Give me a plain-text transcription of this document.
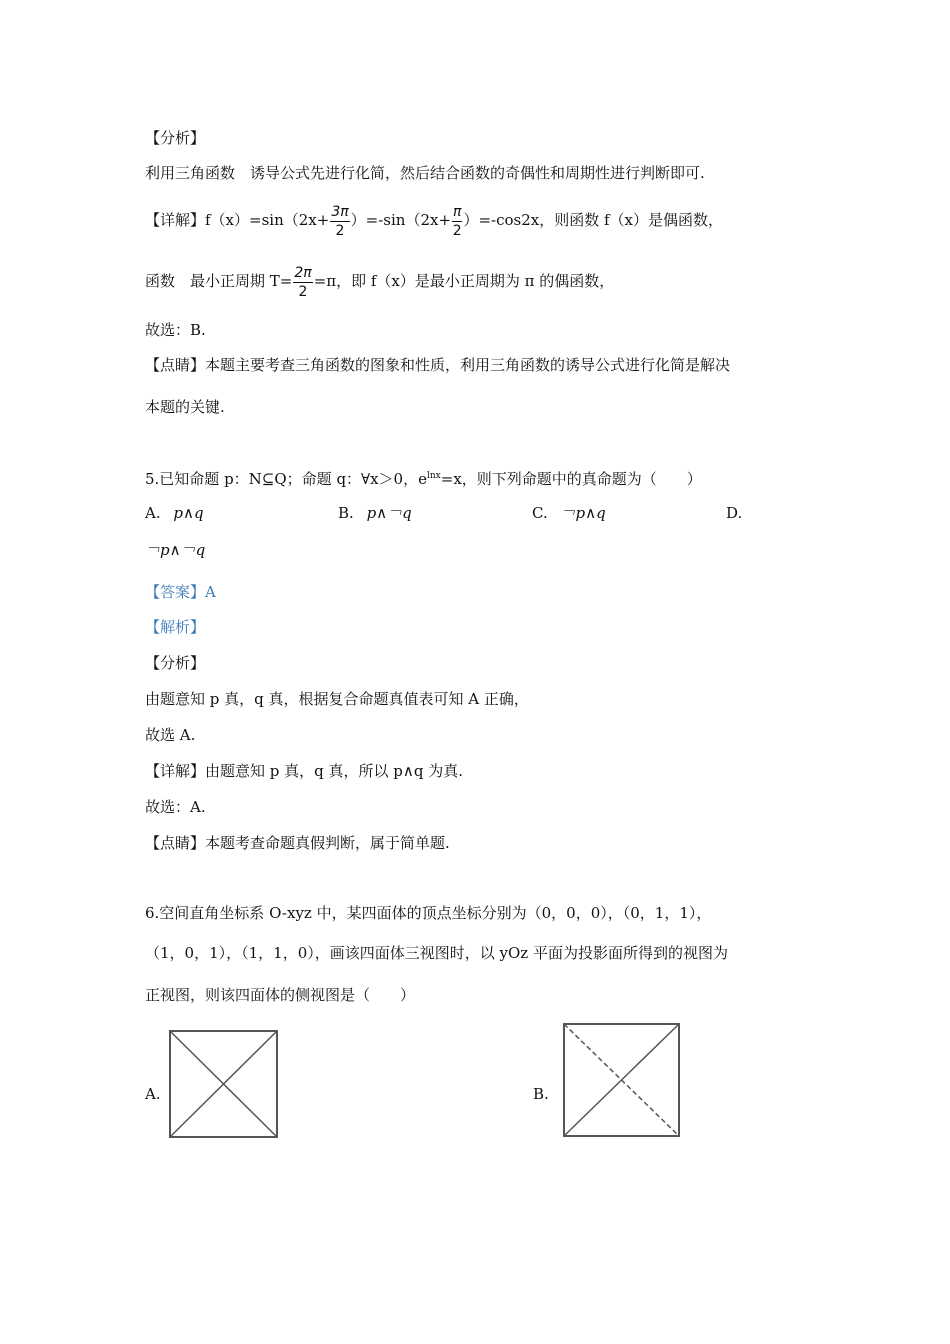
【分析】
利用三角函数　诱导公式先进行化简，然后结合函数的奇偶性和周期性进行判断即可.
【详解】$f(x)=\sin(2x+ \frac{3\pi}{2} )=-\sin(2x+ \frac{\pi}{2} )=-\cos 2x$，则函数 f（x）是偶函数，
函数　最小正周期 $T= \frac{2\pi}{2} =\pi$，即 f（x）是最小正周期为 π 的偶函数，
故选：B.
【点睛】本题主要考查三角函数的图象和性质，利用三角函数的诱导公式进行化简是解决
本题的关键.
5.已知命题 p：N⊆Q；命题 q：∀x＞0，$e^{lnx}=x$，则下列命题中的真命题为（　　）
A. p∧q	B. p∧￢q	C. ￢p∧q	D.
￢p∧￢q
【答案】A
【解析】
【分析】
由题意知 p 真，q 真，根据复合命题真值表可知 A 正确，
故选 A.
【详解】由题意知 p 真，q 真，所以 p∧q 为真.
故选：A.
【点睛】本题考查命题真假判断，属于简单题.
6.空间直角坐标系 O-xyz 中，某四面体的顶点坐标分别为（0，0，0），（0，1，1），
（1，0，1），（1，1，0），画该四面体三视图时，以 yOz 平面为投影面所得到的视图为
正视图，则该四面体的侧视图是（　　）
A.	B.
